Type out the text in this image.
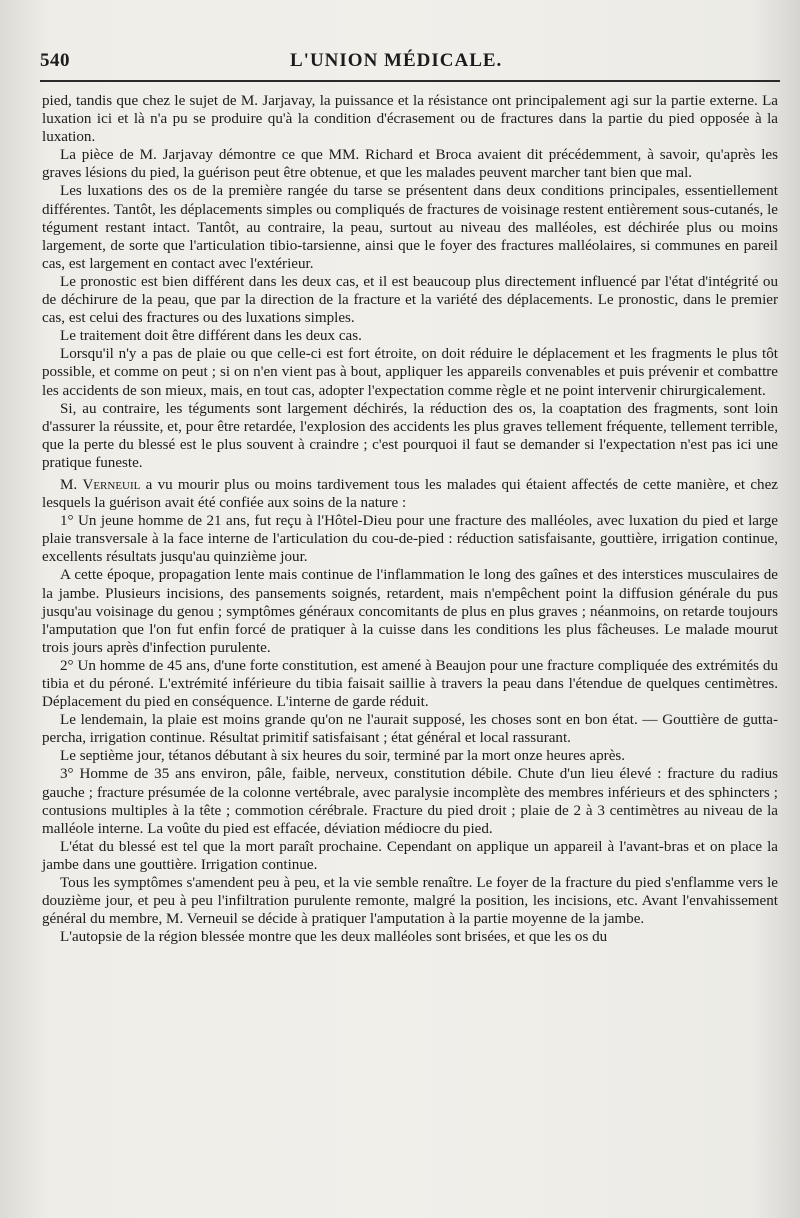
540	L'UNION MÉDICALE.

pied, tandis que chez le sujet de M. Jarjavay, la puissance et la résistance ont principalement agi sur la partie externe. La luxation ici et là n'a pu se produire qu'à la condition d'écrasement ou de fractures dans la partie du pied opposée à la luxation.

La pièce de M. Jarjavay démontre ce que MM. Richard et Broca avaient dit précédemment, à savoir, qu'après les graves lésions du pied, la guérison peut être obtenue, et que les malades peuvent marcher tant bien que mal.

Les luxations des os de la première rangée du tarse se présentent dans deux conditions principales, essentiellement différentes. Tantôt, les déplacements simples ou compliqués de fractures de voisinage restent entièrement sous-cutanés, le tégument restant intact. Tantôt, au contraire, la peau, surtout au niveau des malléoles, est déchirée plus ou moins largement, de sorte que l'articulation tibio-tarsienne, ainsi que le foyer des fractures malléolaires, si communes en pareil cas, est largement en contact avec l'extérieur.

Le pronostic est bien différent dans les deux cas, et il est beaucoup plus directement influencé par l'état d'intégrité ou de déchirure de la peau, que par la direction de la fracture et la variété des déplacements. Le pronostic, dans le premier cas, est celui des fractures ou des luxations simples.

Le traitement doit être différent dans les deux cas.

Lorsqu'il n'y a pas de plaie ou que celle-ci est fort étroite, on doit réduire le déplacement et les fragments le plus tôt possible, et comme on peut ; si on n'en vient pas à bout, appliquer les appareils convenables et puis prévenir et combattre les accidents de son mieux, mais, en tout cas, adopter l'expectation comme règle et ne point intervenir chirurgicalement.

Si, au contraire, les téguments sont largement déchirés, la réduction des os, la coaptation des fragments, sont loin d'assurer la réussite, et, pour être retardée, l'explosion des accidents les plus graves tellement fréquente, tellement terrible, que la perte du blessé est le plus souvent à craindre ; c'est pourquoi il faut se demander si l'expectation n'est pas ici une pratique funeste.

M. Verneuil a vu mourir plus ou moins tardivement tous les malades qui étaient affectés de cette manière, et chez lesquels la guérison avait été confiée aux soins de la nature :

1° Un jeune homme de 21 ans, fut reçu à l'Hôtel-Dieu pour une fracture des malléoles, avec luxation du pied et large plaie transversale à la face interne de l'articulation du cou-de-pied : réduction satisfaisante, gouttière, irrigation continue, excellents résultats jusqu'au quinzième jour.

A cette époque, propagation lente mais continue de l'inflammation le long des gaînes et des interstices musculaires de la jambe. Plusieurs incisions, des pansements soignés, retardent, mais n'empêchent point la diffusion générale du pus jusqu'au voisinage du genou ; symptômes généraux concomitants de plus en plus graves ; néanmoins, on retarde toujours l'amputation que l'on fut enfin forcé de pratiquer à la cuisse dans les conditions les plus fâcheuses. Le malade mourut trois jours après d'infection purulente.

2° Un homme de 45 ans, d'une forte constitution, est amené à Beaujon pour une fracture compliquée des extrémités du tibia et du péroné. L'extrémité inférieure du tibia faisait saillie à travers la peau dans l'étendue de quelques centimètres. Déplacement du pied en conséquence. L'interne de garde réduit.

Le lendemain, la plaie est moins grande qu'on ne l'aurait supposé, les choses sont en bon état. — Gouttière de gutta-percha, irrigation continue. Résultat primitif satisfaisant ; état général et local rassurant.

Le septième jour, tétanos débutant à six heures du soir, terminé par la mort onze heures après.

3° Homme de 35 ans environ, pâle, faible, nerveux, constitution débile. Chute d'un lieu élevé : fracture du radius gauche ; fracture présumée de la colonne vertébrale, avec paralysie incomplète des membres inférieurs et des sphincters ; contusions multiples à la tête ; commotion cérébrale. Fracture du pied droit ; plaie de 2 à 3 centimètres au niveau de la malléole interne. La voûte du pied est effacée, déviation médiocre du pied.

L'état du blessé est tel que la mort paraît prochaine. Cependant on applique un appareil à l'avant-bras et on place la jambe dans une gouttière. Irrigation continue.

Tous les symptômes s'amendent peu à peu, et la vie semble renaître. Le foyer de la fracture du pied s'enflamme vers le douzième jour, et peu à peu l'infiltration purulente remonte, malgré la position, les incisions, etc. Avant l'envahissement général du membre, M. Verneuil se décide à pratiquer l'amputation à la partie moyenne de la jambe.

L'autopsie de la région blessée montre que les deux malléoles sont brisées, et que les os du
